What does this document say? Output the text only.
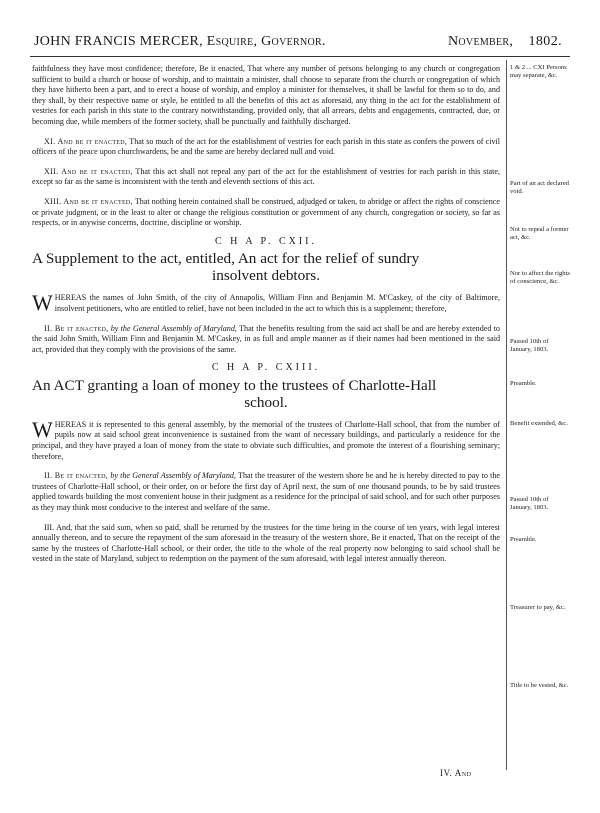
JOHN FRANCIS MERCER, Esquire, Governor.	November, 1802.

faithfulness they have most confidence; therefore, Be it enacted, That where any number of persons belonging to any church or congregation sufficient to build a church or house of worship, and to maintain a minister, shall choose to separate from the church or congregation of which they have hitherto been a part, and to erect a house of worship, and employ a minister for themselves, it shall be lawful for them so to do, and they shall, by their respective name or style, be entitled to all the benefits of this act as aforesaid, any thing in the act for the establishment of vestries for each parish in this state to the contrary notwithstanding, provided only, that all arrears, debts and engagements, contracted, due, or becoming due, while members of the former society, shall be punctually and faithfully discharged.

XI. And be it enacted, That so much of the act for the establishment of vestries for each parish in this state as confers the powers of civil officers of the peace upon churchwardens, be and the same are hereby declared null and void.

XII. And be it enacted, That this act shall not repeal any part of the act for the establishment of vestries for each parish in this state, except so far as the same is inconsistent with the tenth and eleventh sections of this act.

XIII. And be it enacted, That nothing herein contained shall be construed, adjudged or taken, to abridge or affect the rights of conscience or private judgment, or in the least to alter or change the religious constitution or government of any church, congregation or society, so far as respects, or in anywise concerns, doctrine, discipline or worship.

C H A P. CXII.

A Supplement to the act, entitled, An act for the relief of sundry

insolvent debtors.

WHEREAS the names of John Smith, of the city of Annapolis, William Finn and Benjamin M. M'Caskey, of the city of Baltimore, insolvent petitioners, who are entitled to relief, have not been included in the act to which this is a supplement; therefore,

II. Be it enacted, by the General Assembly of Maryland, That the benefits resulting from the said act shall be and are hereby extended to the said John Smith, William Finn and Benjamin M. M'Caskey, in as full and ample manner as if their names had been mentioned in the said act, provided that they comply with the provisions of the same.

C H A P. CXIII.

An ACT granting a loan of money to the trustees of Charlotte-Hall

school.

WHEREAS it is represented to this general assembly, by the memorial of the trustees of Charlotte-Hall school, that from the number of pupils now at said school great inconvenience is sustained from the want of necessary buildings, and particularly a residence for the principal, and they have prayed a loan of money from the state to obviate such difficulties, and promote the interest of a flourishing seminary; therefore,

II. Be it enacted, by the General Assembly of Maryland, That the treasurer of the western shore be and he is hereby directed to pay to the trustees of Charlotte-Hall school, or their order, on or before the first day of April next, the sum of one thousand pounds, to be by said trustees applied towards building the most convenient house in their judgment as a residence for the principal of said school, and for such other purposes as they may think most conducive to the interest and welfare of the same.

III. And, that the said sum, when so paid, shall be returned by the trustees for the time being in the course of ten years, with legal interest annually thereon, and to secure the repayment of the sum aforesaid in the treasury of the western shore, Be it enacted, That on the receipt of the same by the trustees of Charlotte-Hall school, or their order, the title to the whole of the real property now belonging to said school shall be vested in the state of Maryland, subject to redemption on the payment of the sum aforesaid, with legal interest annually thereon.

IV. And
1 & 2 ... CXI Persons may separate, &c.
Part of an act declared void.
Not to repeal a former act, &c.
Nor to affect the rights of conscience, &c.
Passed 10th of January, 1803.
Preamble.
Benefit extended, &c.
Passed 10th of January, 1803.
Preamble.
Treasurer to pay, &c.
Title to be vested, &c.
